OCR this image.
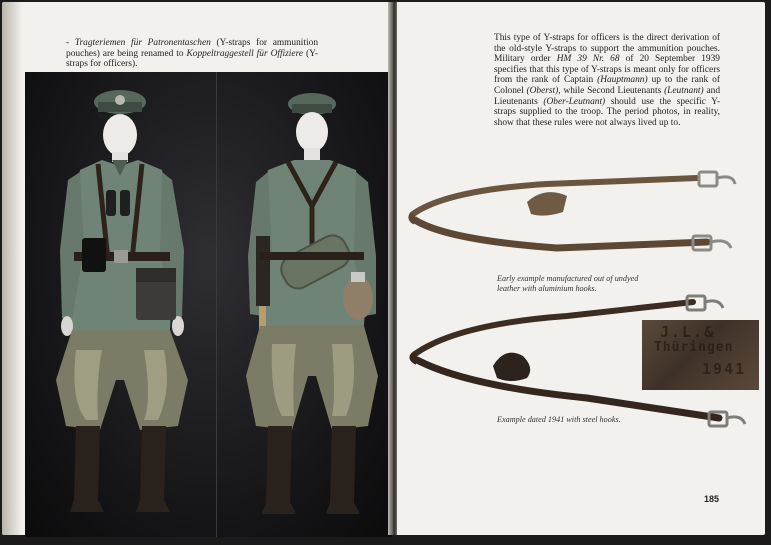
- Tragteriemen für Patronentaschen (Y-straps for ammunition pouches) are being renamed to Koppeltraggestell für Offiziere (Y-straps for officers).
This type of Y-straps for officers is the direct derivation of the old-style Y-straps to support the ammunition pouches. Military order HM 39 Nr. 68 of 20 September 1939 specifies that this type of Y-straps is meant only for officers from the rank of Captain (Hauptmann) up to the rank of Colonel (Oberst), while Second Lieutenants (Leutnant) and Lieutenants (Ober-Leutnant) should use the specific Y-straps supplied to the troop. The period photos, in reality, show that these rules were not always lived up to.
J.L.&
Thüringen
1941
Early example manufactured out of undyed leather with aluminium hooks.
Example dated 1941 with steel hooks.
185
